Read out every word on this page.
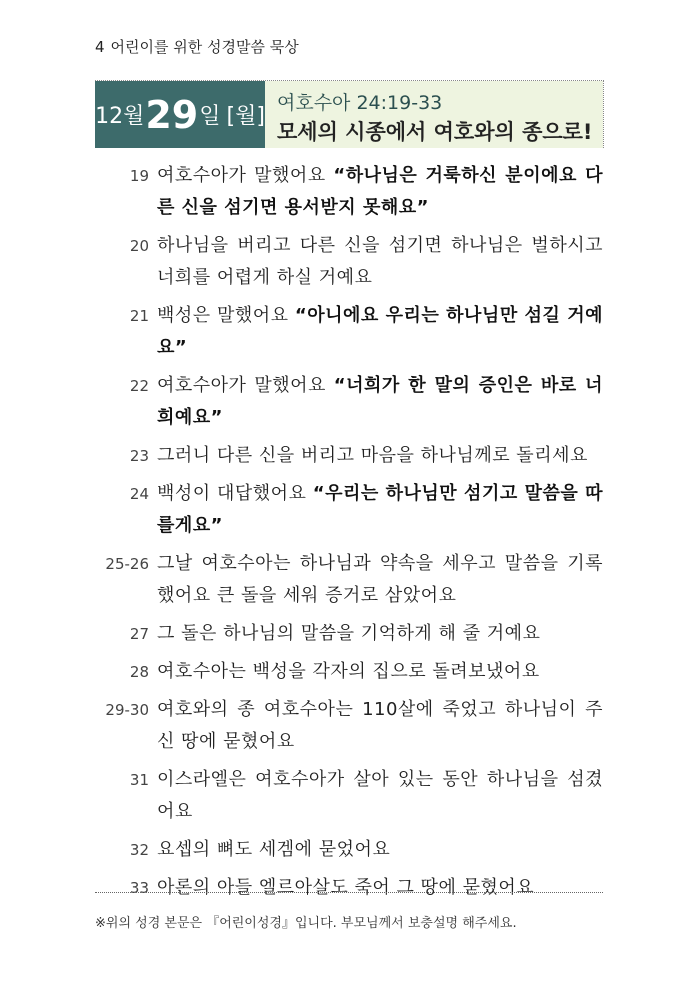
4 어린이를 위한 성경말씀 묵상
12월 29 일 [월]
여호수아 24:19-33
모세의 시종에서 여호와의 종으로!
19 여호수아가 말했어요 “하나님은 거룩하신 분이에요 다른 신을 섬기면 용서받지 못해요”
20 하나님을 버리고 다른 신을 섬기면 하나님은 벌하시고 너희를 어렵게 하실 거예요
21 백성은 말했어요 “아니에요 우리는 하나님만 섬길 거예요”
22 여호수아가 말했어요 “너희가 한 말의 증인은 바로 너희예요”
23 그러니 다른 신을 버리고 마음을 하나님께로 돌리세요
24 백성이 대답했어요 “우리는 하나님만 섬기고 말씀을 따를게요”
25-26 그날 여호수아는 하나님과 약속을 세우고 말씀을 기록했어요 큰 돌을 세워 증거로 삼았어요
27 그 돌은 하나님의 말씀을 기억하게 해 줄 거예요
28 여호수아는 백성을 각자의 집으로 돌려보냈어요
29-30 여호와의 종 여호수아는 110살에 죽었고 하나님이 주신 땅에 묻혔어요
31 이스라엘은 여호수아가 살아 있는 동안 하나님을 섬겼어요
32 요셉의 뼈도 세겜에 묻었어요
33 아론의 아들 엘르아살도 죽어 그 땅에 묻혔어요
※위의 성경 본문은 『어린이성경』입니다. 부모님께서 보충설명 해주세요.
